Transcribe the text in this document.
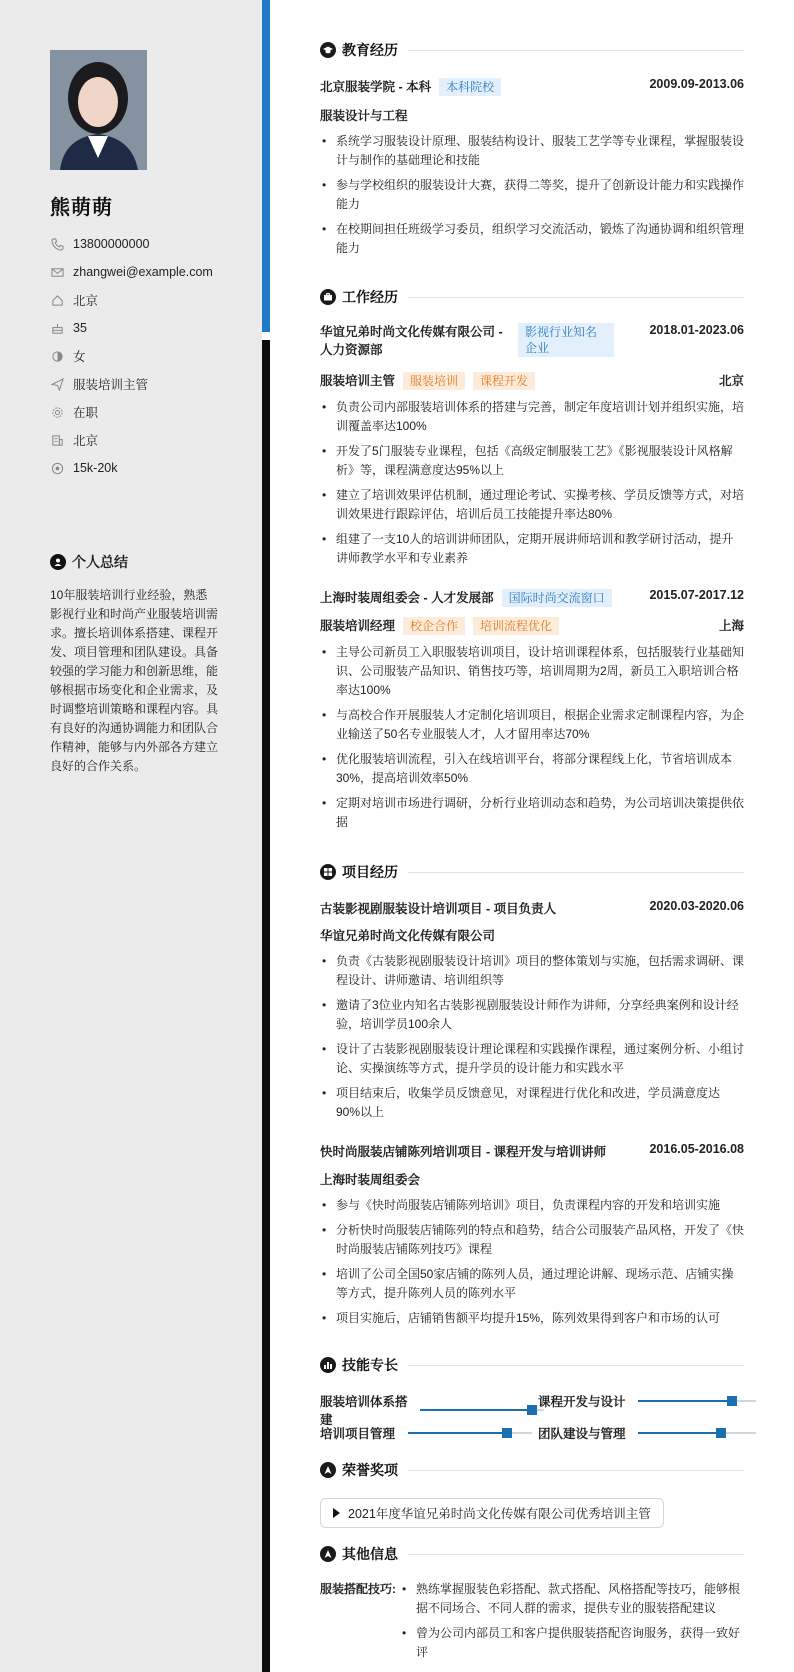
熊萌萌
13800000000
zhangwei@example.com
北京
35
女
服装培训主管
在职
北京
15k-20k
个人总结
10年服装培训行业经验，熟悉影视行业和时尚产业服装培训需求。擅长培训体系搭建、课程开发、项目管理和团队建设。具备较强的学习能力和创新思维，能够根据市场变化和企业需求，及时调整培训策略和课程内容。具有良好的沟通协调能力和团队合作精神，能够与内外部各方建立良好的合作关系。
教育经历
北京服装学院 - 本科 本科院校	2009.09-2013.06
服装设计与工程
• 系统学习服装设计原理、服装结构设计、服装工艺学等专业课程，掌握服装设计与制作的基础理论和技能
• 参与学校组织的服装设计大赛，获得二等奖，提升了创新设计能力和实践操作能力
• 在校期间担任班级学习委员，组织学习交流活动，锻炼了沟通协调和组织管理能力
工作经历
华谊兄弟时尚文化传媒有限公司 - 人力资源部
影视行业知名企业
2018.01-2023.06
服装培训主管 服装培训 课程开发	北京
• 负责公司内部服装培训体系的搭建与完善，制定年度培训计划并组织实施，培训覆盖率达100%
• 开发了5门服装专业课程，包括《高级定制服装工艺》《影视服装设计风格解析》等，课程满意度达95%以上
• 建立了培训效果评估机制，通过理论考试、实操考核、学员反馈等方式，对培训效果进行跟踪评估，培训后员工技能提升率达80%
• 组建了一支10人的培训讲师团队，定期开展讲师培训和教学研讨活动，提升讲师教学水平和专业素养
上海时装周组委会 - 人才发展部 国际时尚交流窗口	2015.07-2017.12
服装培训经理 校企合作 培训流程优化	上海
• 主导公司新员工入职服装培训项目，设计培训课程体系，包括服装行业基础知识、公司服装产品知识、销售技巧等，培训周期为2周，新员工入职培训合格率达100%
• 与高校合作开展服装人才定制化培训项目，根据企业需求定制课程内容，为企业输送了50名专业服装人才，人才留用率达70%
• 优化服装培训流程，引入在线培训平台，将部分课程线上化，节省培训成本30%，提高培训效率50%
• 定期对培训市场进行调研，分析行业培训动态和趋势，为公司培训决策提供依据
项目经历
古装影视剧服装设计培训项目 - 项目负责人	2020.03-2020.06
华谊兄弟时尚文化传媒有限公司
• 负责《古装影视剧服装设计培训》项目的整体策划与实施，包括需求调研、课程设计、讲师邀请、培训组织等
• 邀请了3位业内知名古装影视剧服装设计师作为讲师，分享经典案例和设计经验，培训学员100余人
• 设计了古装影视剧服装设计理论课程和实践操作课程，通过案例分析、小组讨论、实操演练等方式，提升学员的设计能力和实践水平
• 项目结束后，收集学员反馈意见，对课程进行优化和改进，学员满意度达90%以上
快时尚服装店铺陈列培训项目 - 课程开发与培训讲师	2016.05-2016.08
上海时装周组委会
• 参与《快时尚服装店铺陈列培训》项目，负责课程内容的开发和培训实施
• 分析快时尚服装店铺陈列的特点和趋势，结合公司服装产品风格，开发了《快时尚服装店铺陈列技巧》课程
• 培训了公司全国50家店铺的陈列人员，通过理论讲解、现场示范、店铺实操等方式，提升陈列人员的陈列水平
• 项目实施后，店铺销售额平均提升15%，陈列效果得到客户和市场的认可
技能专长
服装培训体系搭建
课程开发与设计
培训项目管理	团队建设与管理
荣誉奖项
2021年度华谊兄弟时尚文化传媒有限公司优秀培训主管
其他信息
服装搭配技巧:
•	熟练掌握服装色彩搭配、款式搭配、风格搭配等技巧，能够根据不同场合、不同人群的需求，提供专业的服装搭配建议
• 曾为公司内部员工和客户提供服装搭配咨询服务，获得一致好评
